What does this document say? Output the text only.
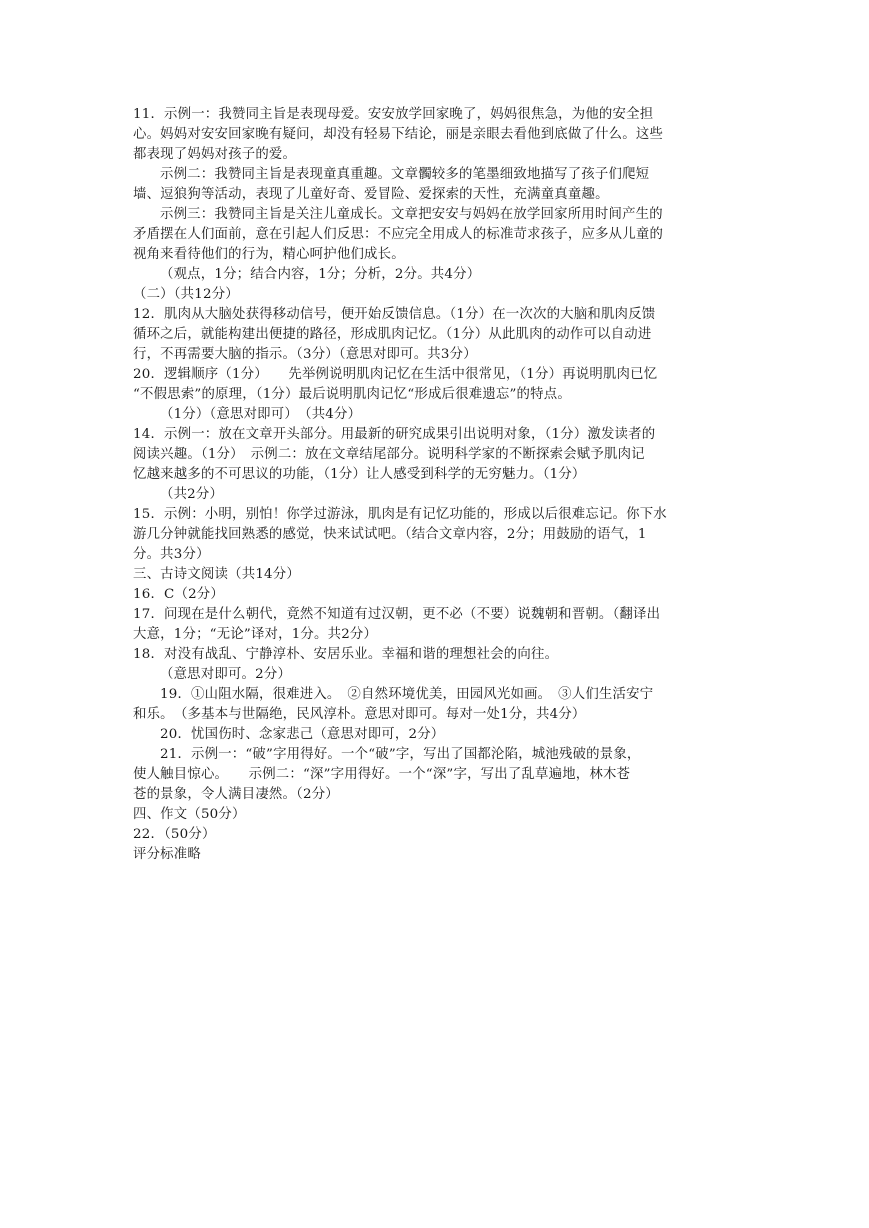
11．示例一：我赞同主旨是表现母爱。安安放学回家晚了，妈妈很焦急，为他的安全担
心。妈妈对安安回家晚有疑问，却没有轻易下结论，丽是亲眼去看他到底做了什么。这些
都表现了妈妈对孩子的爱。
示例二：我赞同主旨是表现童真重趣。文章髑较多的笔墨细致地描写了孩子们爬短
墙、逗狼狗等活动，表现了儿童好奇、爱冒险、爱探索的天性，充满童真童趣。
示例三：我赞同主旨是关注儿童成长。文章把安安与妈妈在放学回家所用时间产生的
矛盾摆在人们面前，意在引起人们反思：不应完全用成人的标准苛求孩子，应多从儿童的
视角来看待他们的行为，精心呵护他们成长。
（观点，1分；结合内容，1分；分析，2分。共4分）
（二）（共12分）
12．肌肉从大脑处获得移动信号，便开始反馈信息。（1分）在一次次的大脑和肌肉反馈
循环之后，就能构建出便捷的路径，形成肌肉记忆。（1分）从此肌肉的动作可以自动进
行，不再需要大脑的指示。（3分）（意思对即可。共3分）
20．逻辑顺序（1分）　　先举例说明肌肉记忆在生活中很常见，（1分）再说明肌肉已忆
“不假思索”的原理，（1分）最后说明肌肉记忆“形成后很难遗忘”的特点。
（1分）（意思对即可）　（共4分）
14．示例一：放在文章开头部分。用最新的研究成果引出说明对象，（1分）激发读者的
阅读兴趣。（1分）　示例二：放在文章结尾部分。说明科学家的不断探索会赋予肌肉记
忆越来越多的不可思议的功能，（1分）让人感受到科学的无穷魅力。（1分）
（共2分）
15．示例：小明，别怕！你学过游泳，肌肉是有记忆功能的，形成以后很难忘记。你下水
游几分钟就能找回熟悉的感觉，快来试试吧。（结合文章内容，2分；用鼓励的语气，1
分。共3分）
三、古诗文阅读（共14分）
16．C（2分）
17．问现在是什么朝代，竟然不知道有过汉朝，更不必（不要）说魏朝和晋朝。（翻译出
大意，1分；“无论”译对，1分。共2分）
18．对没有战乱、宁静淳朴、安居乐业。幸福和谐的理想社会的向往。
（意思对即可。2分）
19．①山阻水隔，很难进入。　②自然环境优美，田园风光如画。　③人们生活安宁
和乐。　（多基本与世隔绝，民风淳朴。意思对即可。每对一处1分，共4分）
20．忧国伤时、念家悲己（意思对即可，2分）
21．示例一：“破”字用得好。一个“破”字，写出了国都沦陷，城池残破的景象，
使人触目惊心。　　示例二：“深”字用得好。一个“深”字，写出了乱草遍地，林木苍
苍的景象，令人满目凄然。（2分）
四、作文（50分）
22．（50分）
评分标准略
